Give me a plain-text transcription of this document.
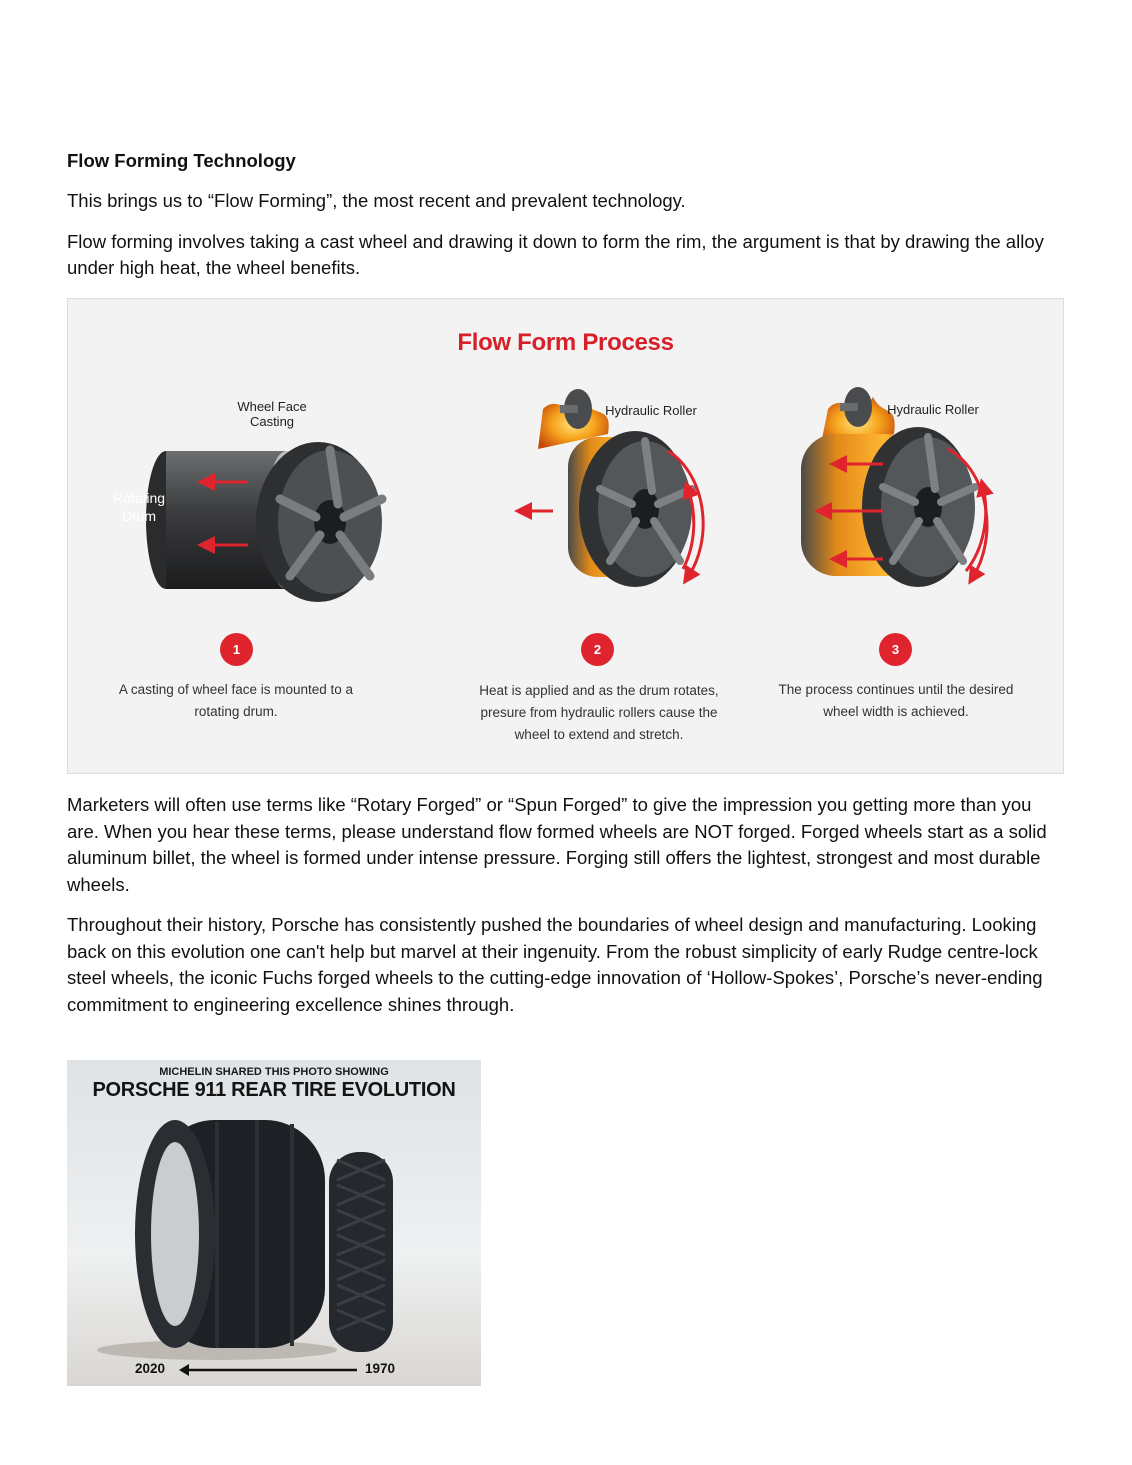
Flow Forming Technology

This brings us to “Flow Forming”, the most recent and prevalent technology.

Flow forming involves taking a cast wheel and drawing it down to form the rim, the argument is that by drawing the alloy under high heat, the wheel benefits.

Flow Form Process
Rotating Drum
Wheel Face Casting
Hydraulic Roller	Hydraulic Roller
1	2	3
A casting of wheel face is mounted to a rotating drum.
Heat is applied and as the drum rotates, presure from hydraulic rollers cause the wheel to extend and stretch.
The process continues until the desired wheel width is achieved.

Marketers will often use terms like “Rotary Forged” or “Spun Forged” to give the impression you getting more than you are. When you hear these terms, please understand flow formed wheels are NOT forged. Forged wheels start as a solid aluminum billet, the wheel is formed under intense pressure. Forging still offers the lightest, strongest and most durable wheels.

Throughout their history, Porsche has consistently pushed the boundaries of wheel design and manufacturing. Looking back on this evolution one can't help but marvel at their ingenuity. From the robust simplicity of early Rudge centre-lock steel wheels, the iconic Fuchs forged wheels to the cutting-edge innovation of ‘Hollow-Spokes’, Porsche’s never-ending commitment to engineering excellence shines through.

MICHELIN SHARED THIS PHOTO SHOWING
PORSCHE 911 REAR TIRE EVOLUTION
2020	1970
